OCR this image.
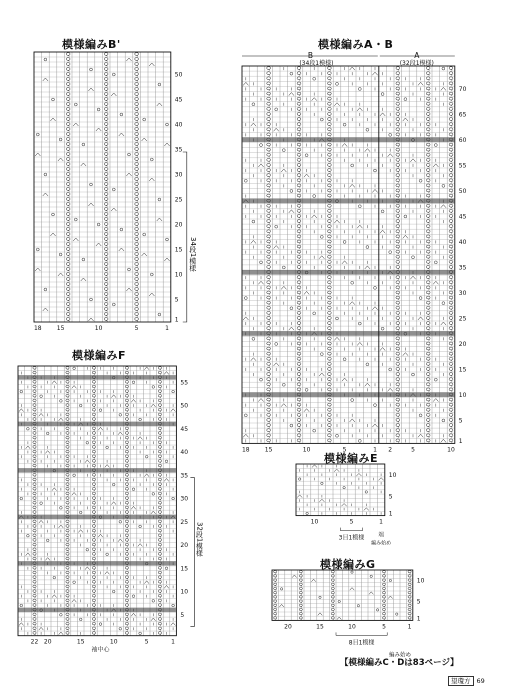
模様編みB'
50
45
40
35
30
25
20
15
10
5
1
18	15	10	5	1
34段1模様
模様編みA・B
B	A
(34段1模様)	(32段1模様)
70
65
60
55
50
45
40
35
30
25
20
15
10
5
1
18	15	10	5	1 2	5	10
模様編みF
55
50
45
40
35
30
25
20
15
10
5
22 20	15	10	5	1
袖中心
32段1模様
模様編みE
10
5
1
10	5	1
3目1模様	端
編み始め
模様編みG
10
5
1
20	15	10	5	1
8目1模様
編み始め
【模様編みC・Dは83ページ】
望瓊方 69
